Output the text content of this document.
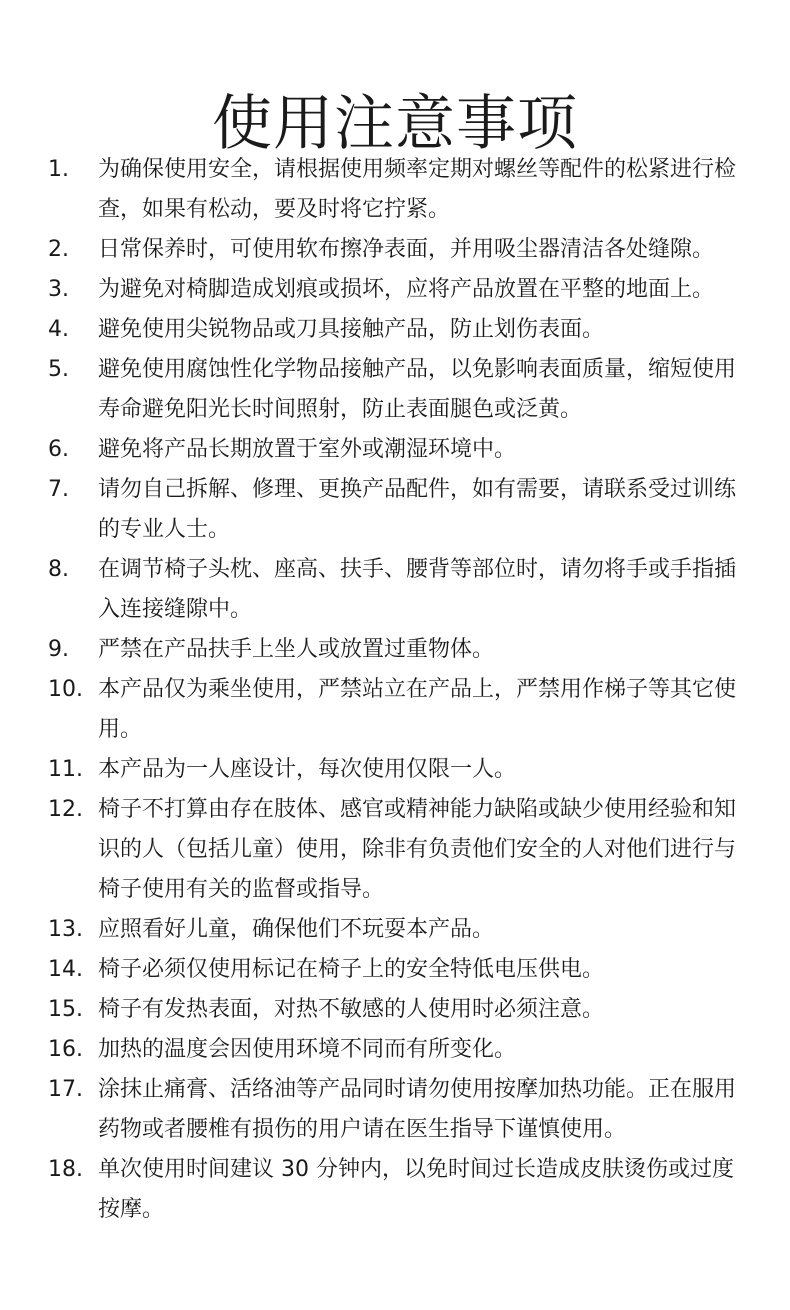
使用注意事项
1.	为确保使用安全，请根据使用频率定期对螺丝等配件的松紧进行检查，如果有松动，要及时将它拧紧。
2.	日常保养时，可使用软布擦净表面，并用吸尘器清洁各处缝隙。
3.	为避免对椅脚造成划痕或损坏，应将产品放置在平整的地面上。
4.	避免使用尖锐物品或刀具接触产品，防止划伤表面。
5.	避免使用腐蚀性化学物品接触产品，以免影响表面质量，缩短使用寿命避免阳光长时间照射，防止表面腿色或泛黄。
6.	避免将产品长期放置于室外或潮湿环境中。
7.	请勿自己拆解、修理、更换产品配件，如有需要，请联系受过训练的专业人士。
8.	在调节椅子头枕、座高、扶手、腰背等部位时，请勿将手或手指插入连接缝隙中。
9.	严禁在产品扶手上坐人或放置过重物体。
10. 本产品仅为乘坐使用，严禁站立在产品上，严禁用作梯子等其它使用。
11. 本产品为一人座设计，每次使用仅限一人。
12. 椅子不打算由存在肢体、感官或精神能力缺陷或缺少使用经验和知识的人（包括儿童）使用，除非有负责他们安全的人对他们进行与椅子使用有关的监督或指导。
13. 应照看好儿童，确保他们不玩耍本产品。
14. 椅子必须仅使用标记在椅子上的安全特低电压供电。
15. 椅子有发热表面，对热不敏感的人使用时必须注意。
16. 加热的温度会因使用环境不同而有所变化。
17. 涂抹止痛膏、活络油等产品同时请勿使用按摩加热功能。正在服用药物或者腰椎有损伤的用户请在医生指导下谨慎使用。
18. 单次使用时间建议 30 分钟内，以免时间过长造成皮肤烫伤或过度按摩。
